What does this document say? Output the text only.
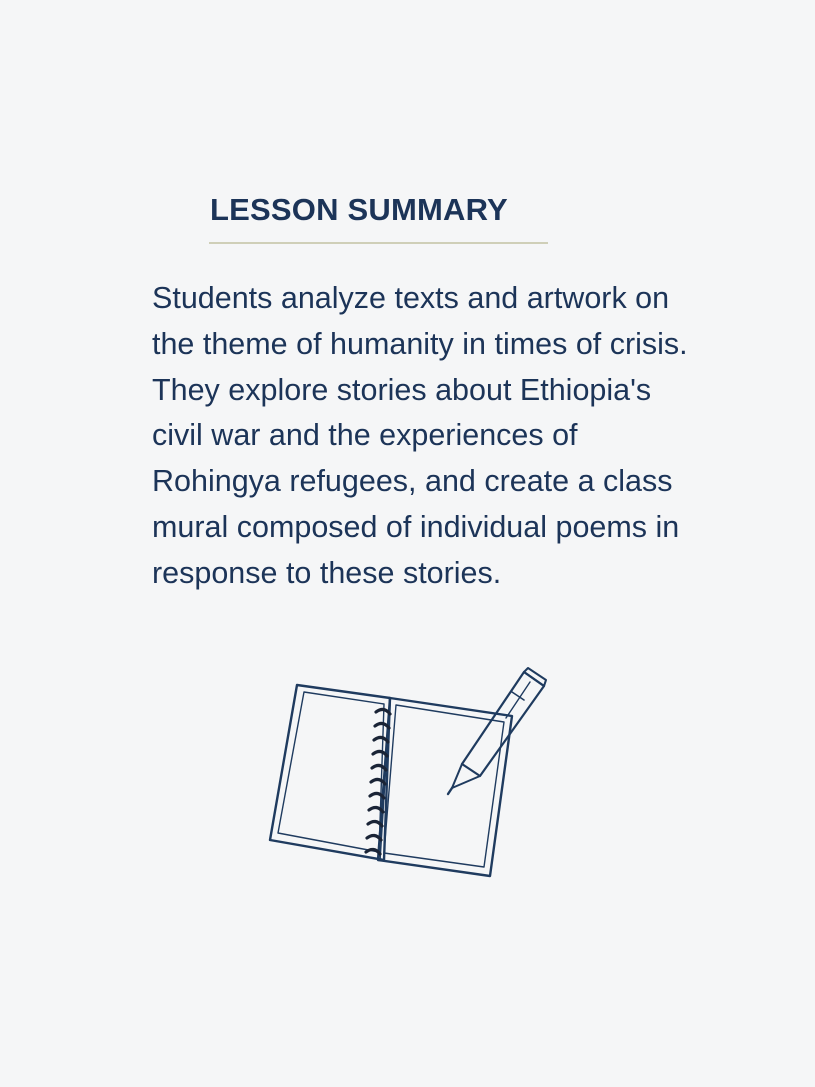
LESSON SUMMARY

Students analyze texts and artwork on the theme of humanity in times of crisis. They explore stories about Ethiopia's civil war and the experiences of Rohingya refugees, and create a class mural composed of individual poems in response to these stories.
